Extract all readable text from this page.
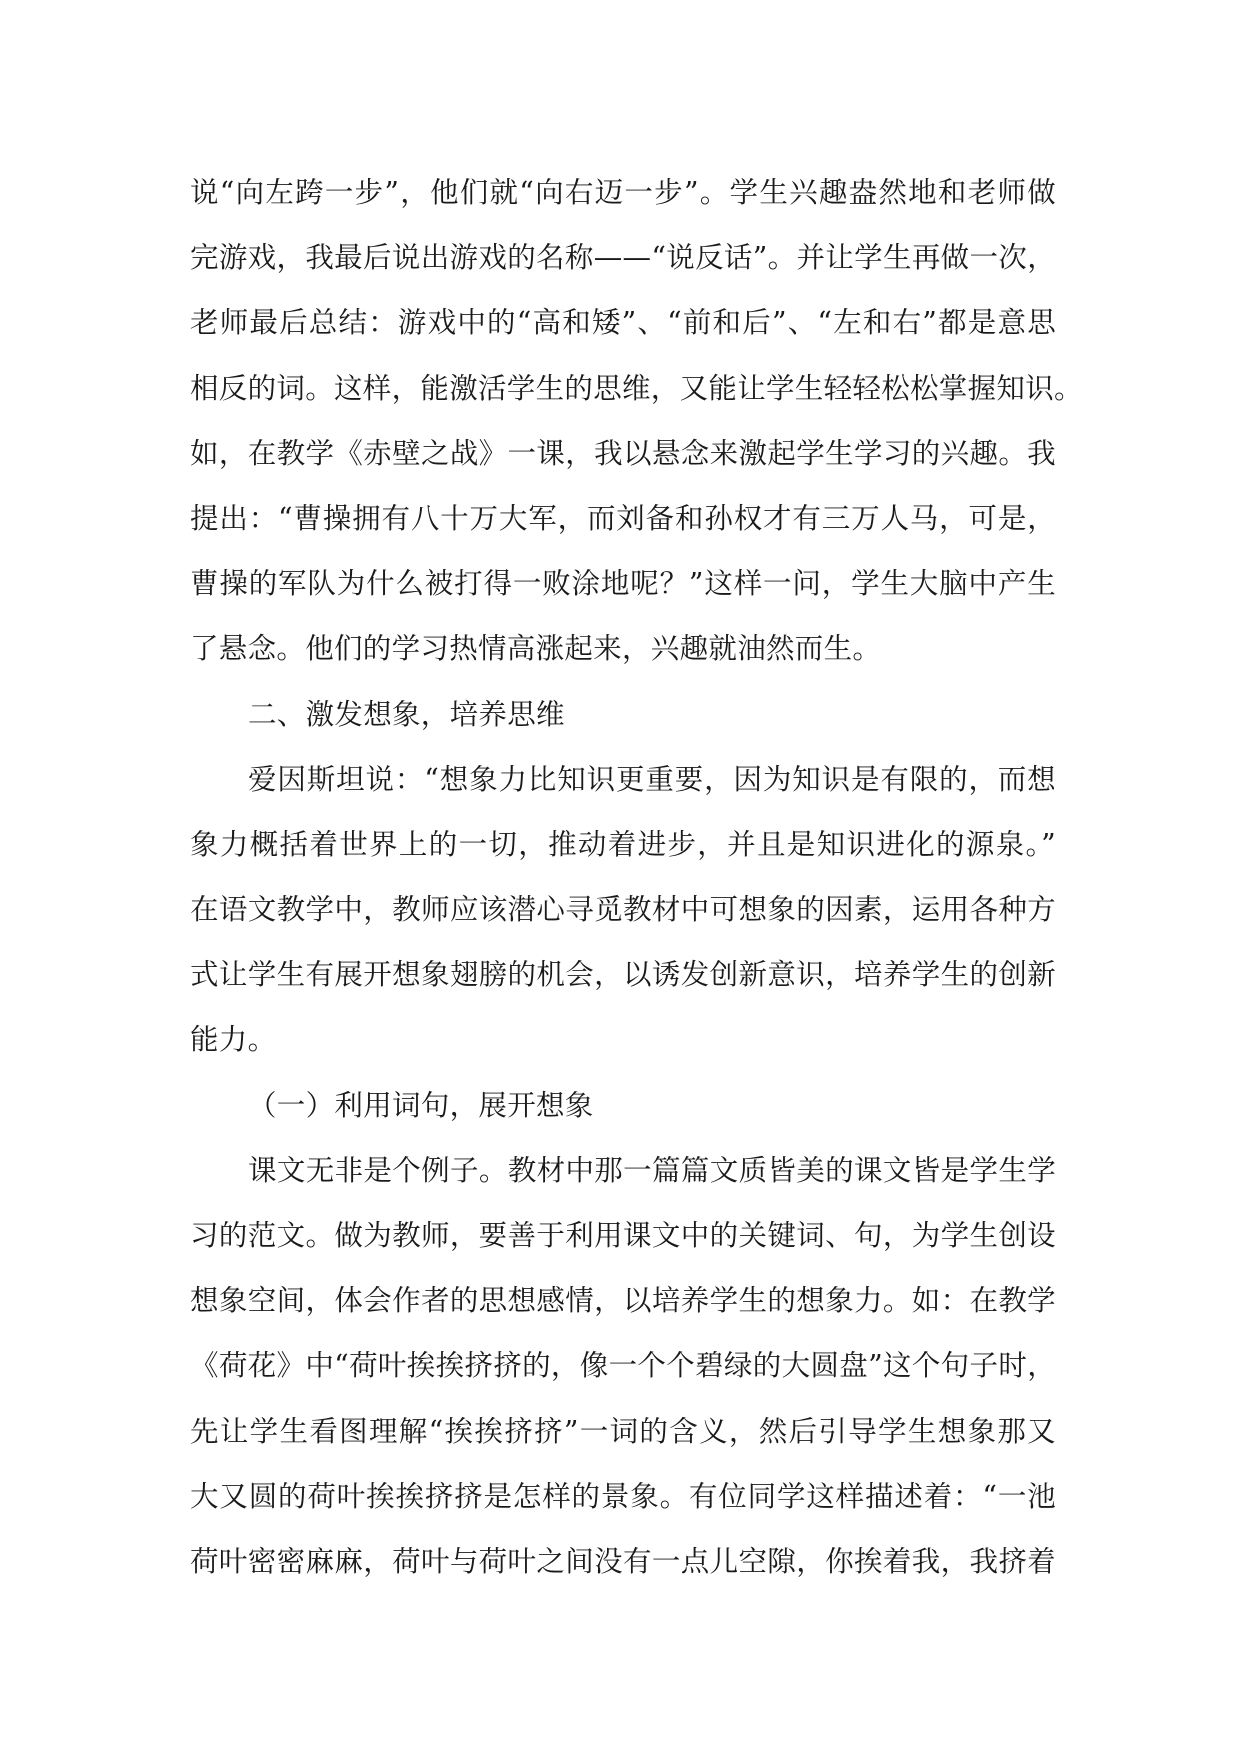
说“向左跨一步”，他们就“向右迈一步”。学生兴趣盎然地和老师做
完游戏，我最后说出游戏的名称——“说反话”。并让学生再做一次，
老师最后总结：游戏中的“高和矮”、“前和后”、“左和右”都是意思
相反的词。这样，能激活学生的思维，又能让学生轻轻松松掌握知识。
如，在教学《赤壁之战》一课，我以悬念来激起学生学习的兴趣。我
提出：“曹操拥有八十万大军，而刘备和孙权才有三万人马，可是，
曹操的军队为什么被打得一败涂地呢？”这样一问，学生大脑中产生
了悬念。他们的学习热情高涨起来，兴趣就油然而生。
二、激发想象，培养思维
爱因斯坦说：“想象力比知识更重要，因为知识是有限的，而想
象力概括着世界上的一切，推动着进步，并且是知识进化的源泉。”
在语文教学中，教师应该潜心寻觅教材中可想象的因素，运用各种方
式让学生有展开想象翅膀的机会，以诱发创新意识，培养学生的创新
能力。
（一）利用词句，展开想象
课文无非是个例子。教材中那一篇篇文质皆美的课文皆是学生学
习的范文。做为教师，要善于利用课文中的关键词、句，为学生创设
想象空间，体会作者的思想感情，以培养学生的想象力。如：在教学
《荷花》中“荷叶挨挨挤挤的，像一个个碧绿的大圆盘”这个句子时，
先让学生看图理解“挨挨挤挤”一词的含义，然后引导学生想象那又
大又圆的荷叶挨挨挤挤是怎样的景象。有位同学这样描述着：“一池
荷叶密密麻麻，荷叶与荷叶之间没有一点儿空隙，你挨着我，我挤着
